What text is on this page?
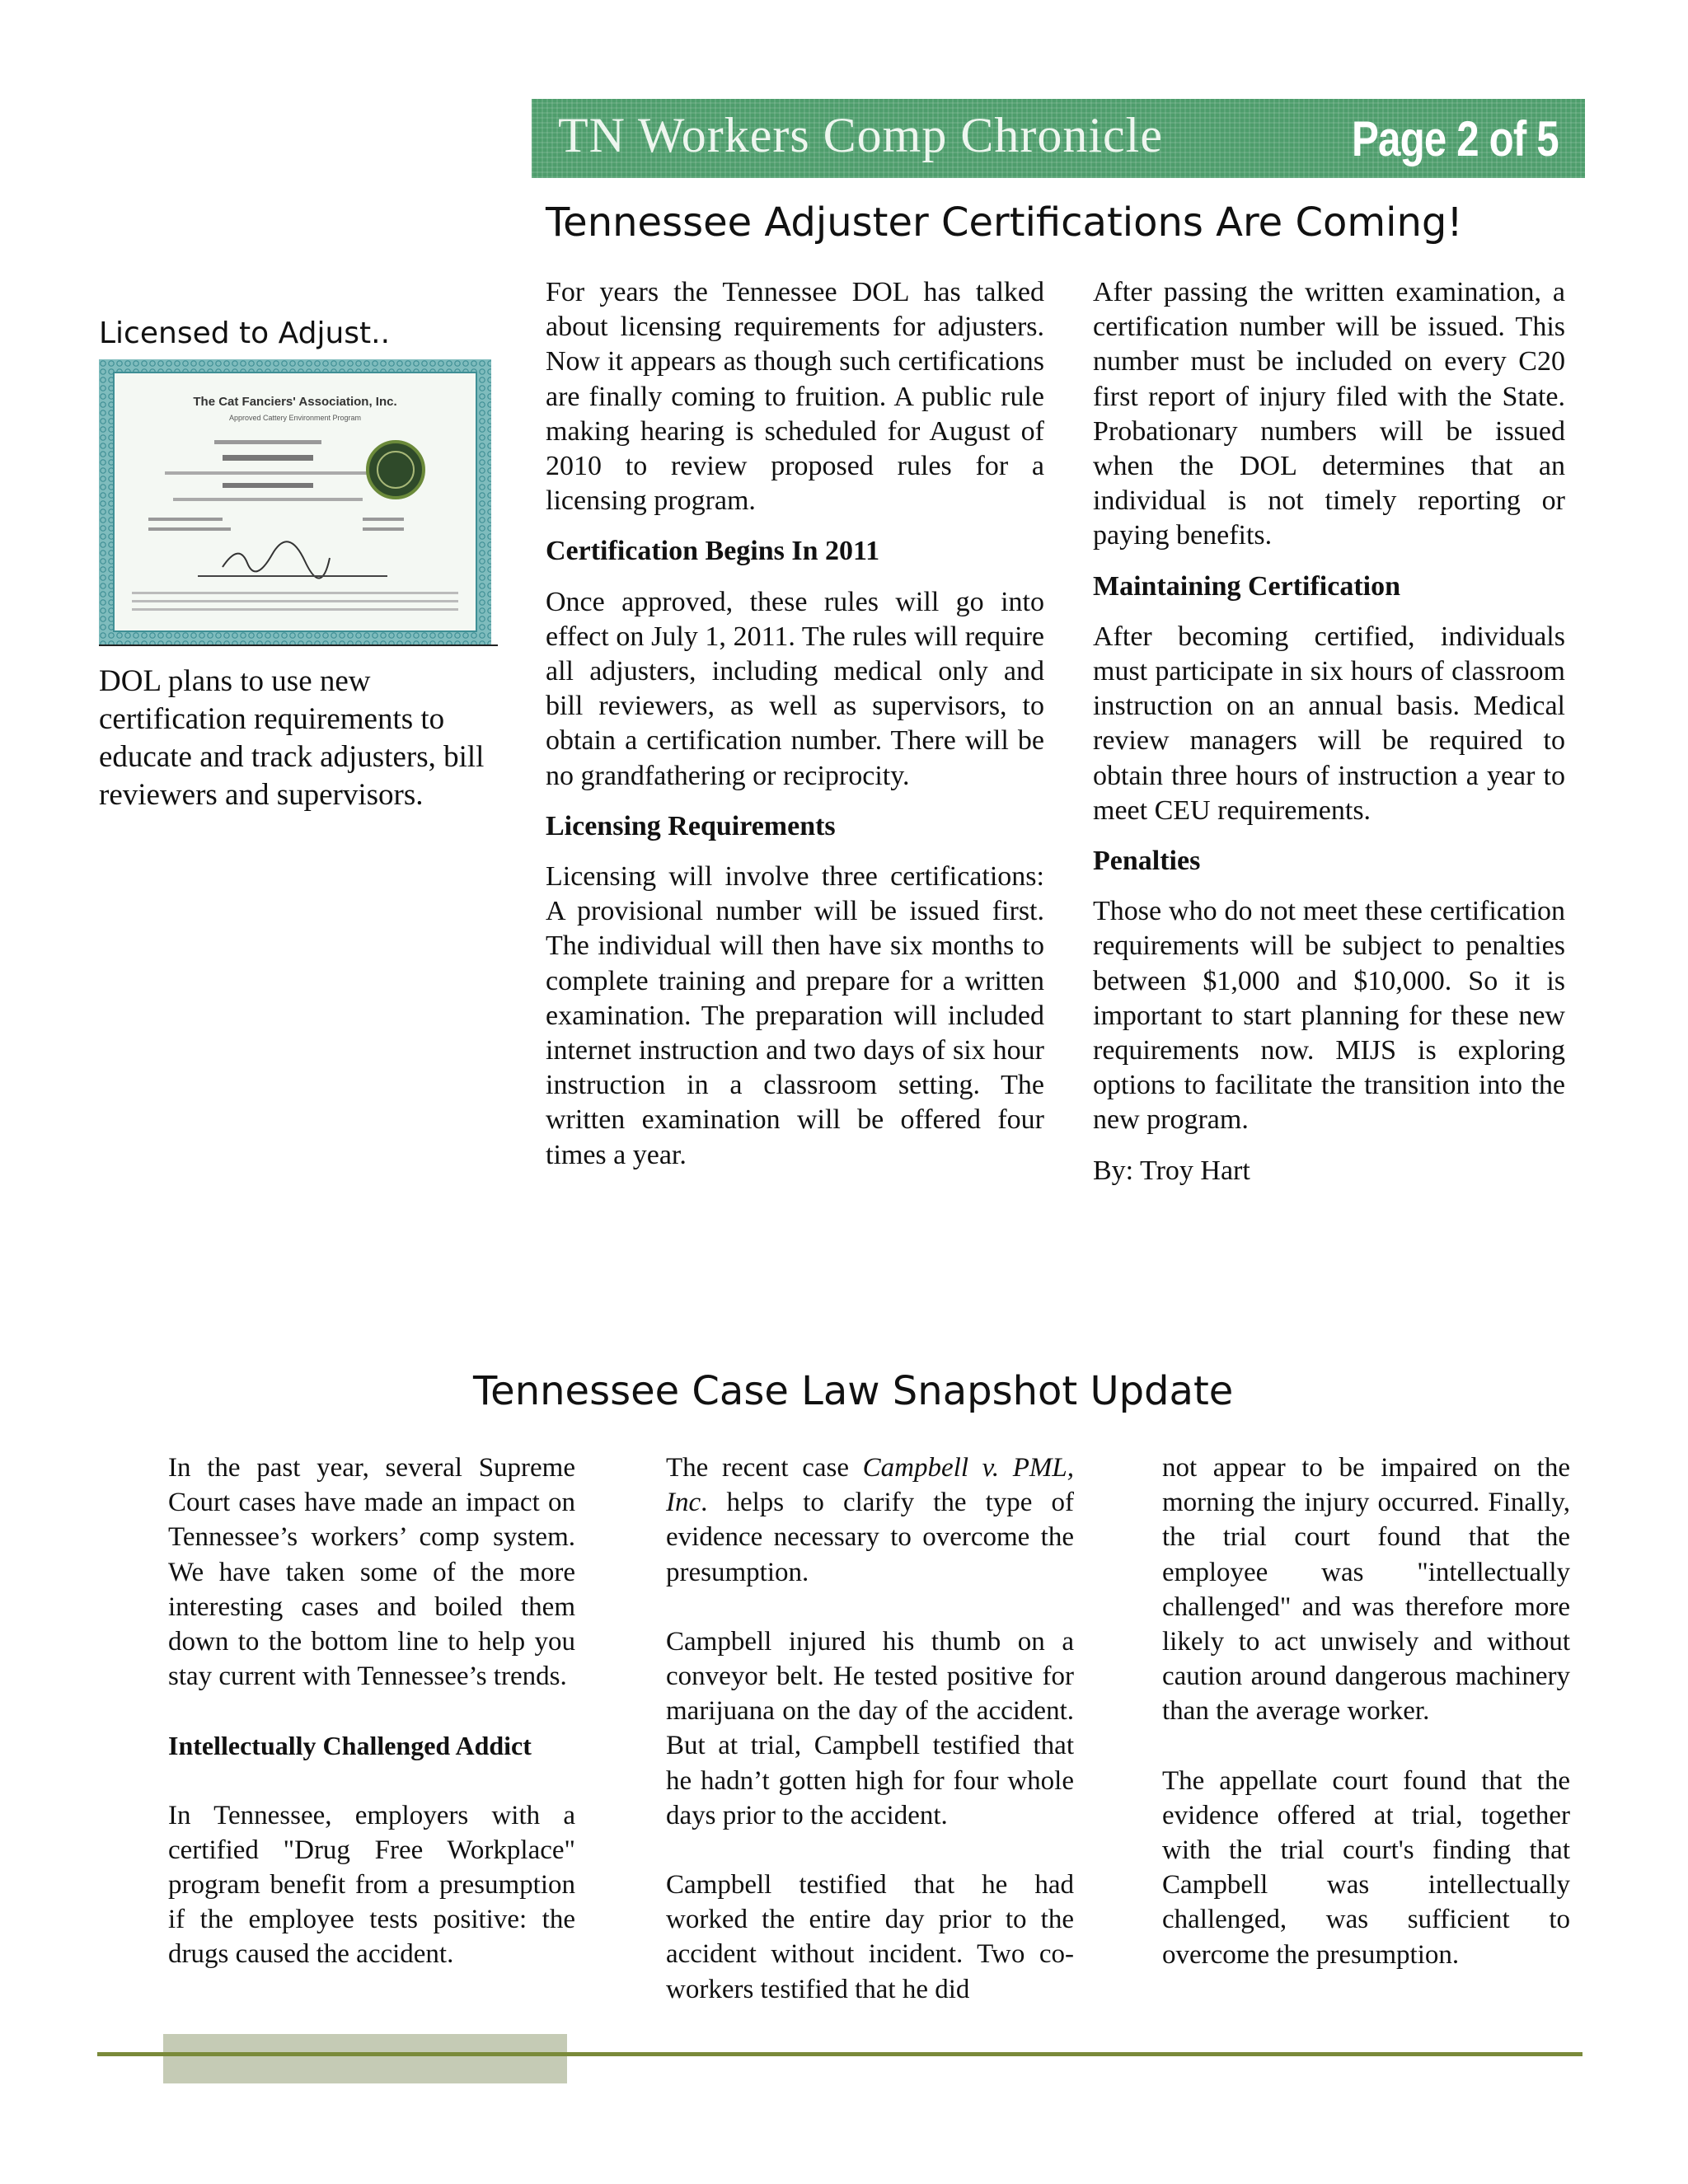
TN Workers Comp Chronicle	Page 2 of 5
Tennessee Adjuster Certifications Are Coming!

For years the Tennessee DOL has talked about licensing requirements for adjusters. Now it appears as though such certifications are finally coming to fruition. A public rule making hearing is scheduled for August of 2010 to review proposed rules for a licensing program.

Certification Begins In 2011

Once approved, these rules will go into effect on July 1, 2011. The rules will require all adjusters, including medical only and bill reviewers, as well as supervisors, to obtain a certification number. There will be no grandfathering or reciprocity.

Licensing Requirements

Licensing will involve three certifications: A provisional number will be issued first. The individual will then have six months to complete training and prepare for a written examination. The preparation will included internet instruction and two days of six hour instruction in a classroom setting. The written examination will be offered four times a year.

After passing the written examination, a certification number will be issued. This number must be included on every C20 first report of injury filed with the State. Probationary numbers will be issued when the DOL determines that an individual is not timely reporting or paying benefits.

Maintaining Certification

After becoming certified, individuals must participate in six hours of classroom instruction on an annual basis. Medical review managers will be required to obtain three hours of instruction a year to meet CEU requirements.

Penalties

Those who do not meet these certification requirements will be subject to penalties between $1,000 and $10,000. So it is important to start planning for these new requirements now. MIJS is exploring options to facilitate the transition into the new program.

By: Troy Hart

Licensed to Adjust..
The Cat Fanciers' Association, Inc.
Approved Cattery Environment Program
DOL plans to use new certification requirements to educate and track adjusters, bill reviewers and supervisors.
Tennessee Case Law Snapshot Update

In the past year, several Supreme Court cases have made an impact on Tennessee’s workers’ comp system. We have taken some of the more interesting cases and boiled them down to the bottom line to help you stay current with Tennessee’s trends.

Intellectually Challenged Addict

In Tennessee, employers with a certified "Drug Free Workplace" program benefit from a presumption if the employee tests positive: the drugs caused the accident.

The recent case Campbell v. PML, Inc. helps to clarify the type of evidence necessary to overcome the presumption.

Campbell injured his thumb on a conveyor belt. He tested positive for marijuana on the day of the accident. But at trial, Campbell testified that he hadn’t gotten high for four whole days prior to the accident.

Campbell testified that he had worked the entire day prior to the accident without incident. Two co-workers testified that he did

not appear to be impaired on the morning the injury occurred. Finally, the trial court found that the employee was "intellectually challenged" and was therefore more likely to act unwisely and without caution around dangerous machinery than the average worker.

The appellate court found that the evidence offered at trial, together with the trial court's finding that Campbell was intellectually challenged, was sufficient to overcome the presumption.
